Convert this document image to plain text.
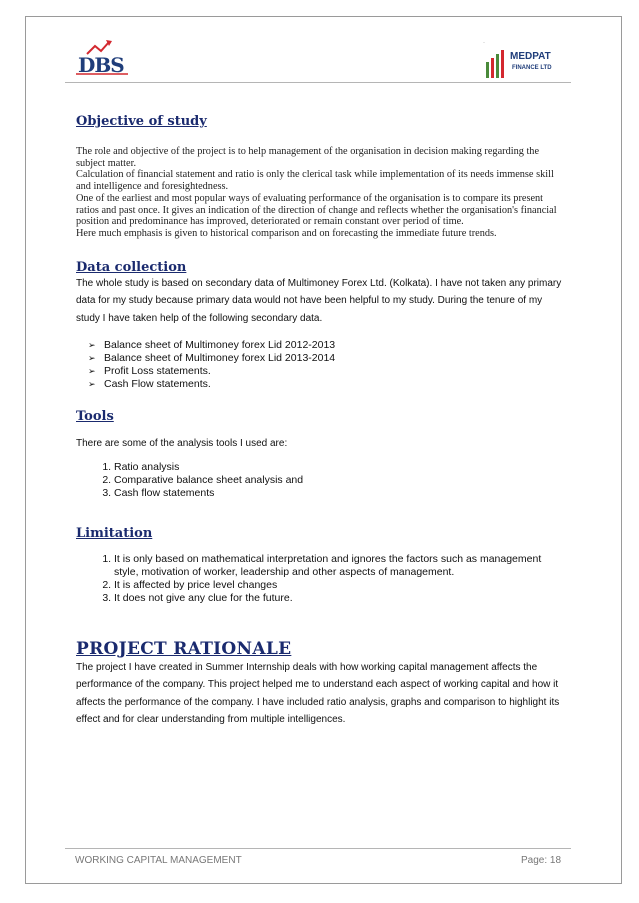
DBS
·
MEDPAT
FINANCE LTD
Objective of study

The role and objective of the project is to help management of the organisation in decision making regarding the subject matter.

Calculation of financial statement and ratio is only the clerical task while implementation of its needs immense skill and intelligence and foresightedness.

One of the earliest and most popular ways of evaluating performance of the organisation is to compare its present ratios and past once. It gives an indication of the direction of change and reflects whether the organisation's financial position and predominance has improved, deteriorated or remain constant over period of time.

Here much emphasis is given to historical comparison and on forecasting the immediate future trends.

Data collection

The whole study is based on secondary data of Multimoney Forex Ltd. (Kolkata). I have not taken any primary data for my study because primary data would not have been helpful to my study. During the tenure of my study I have taken help of the following secondary data.

➢ Balance sheet of Multimoney forex Lid 2012-2013
➢ Balance sheet of Multimoney forex Lid 2013-2014
➢ Profit Loss statements.
➢ Cash Flow statements.
Tools

There are some of the analysis tools I used are:

1. Ratio analysis
2. Comparative balance sheet analysis and
3. Cash flow statements
Limitation
1. It is only based on mathematical interpretation and ignores the factors such as management style, motivation of worker, leadership and other aspects of management.
2. It is affected by price level changes
3. It does not give any clue for the future.
PROJECT RATIONALE

The project I have created in Summer Internship deals with how working capital management affects the performance of the company. This project helped me to understand each aspect of working capital and how it affects the performance of the company. I have included ratio analysis, graphs and comparison to highlight its effect and for clear understanding from multiple intelligences.

WORKING CAPITAL MANAGEMENT	Page: 18
